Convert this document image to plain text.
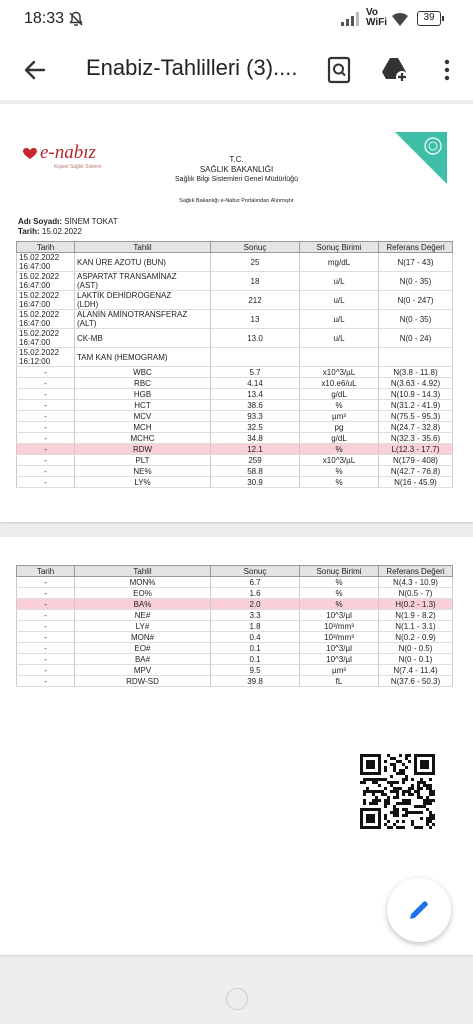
18:33	Vo
WiFi	39
Enabiz-Tahlilleri (3)....
e-nabız
Kişisel Sağlık Sistemi
T.C.
SAĞLIK BAKANLIĞI
Sağlık Bilgi Sistemleri Genel Müdürlüğü
Sağlık Bakanlığı e-Nabız Portalından Alınmıştır
Adı Soyadı: SİNEM TOKAT
Tarih: 15.02.2022
Tarih	Tahlil	Sonuç	Sonuç Birimi	Referans Değeri
15.02.2022
16:47:00	KAN ÜRE AZOTU (BUN)	25	mg/dL	N(17 - 43)
15.02.2022
16:47:00	ASPARTAT TRANSAMİNAZ
(AST)	18	u/L	N(0 - 35)
15.02.2022
16:47:00	LAKTİK DEHİDROGENAZ
(LDH)	212	u/L	N(0 - 247)
15.02.2022
16:47:00	ALANİN AMİNOTRANSFERAZ
(ALT)	13	u/L	N(0 - 35)
15.02.2022
16:47:00	CK-MB	13.0	u/L	N(0 - 24)
15.02.2022
16:12:00	TAM KAN (HEMOGRAM)			
-	WBC	5.7	x10^3/µL	N(3.8 - 11.8)
-	RBC	4.14	x10.e6/uL	N(3.63 - 4.92)
-	HGB	13.4	g/dL	N(10.9 - 14.3)
-	HCT	38.6	%	N(31.2 - 41.9)
-	MCV	93.3	µm³	N(75.5 - 95.3)
-	MCH	32.5	pg	N(24.7 - 32.8)
-	MCHC	34.8	g/dL	N(32.3 - 35.6)
-	RDW	12.1	%	L(12.3 - 17.7)
-	PLT	259	x10^3/µL	N(179 - 408)
-	NE%	58.8	%	N(42.7 - 76.8)
-	LY%	30.9	%	N(16 - 45.9)
Tarih	Tahlil	Sonuç	Sonuç Birimi	Referans Değeri
-	MON%	6.7	%	N(4.3 - 10.9)
-	EO%	1.6	%	N(0.5 - 7)
-	BA%	2.0	%	H(0.2 - 1.3)
-	NE#	3.3	10^3/µl	N(1.9 - 8.2)
-	LY#	1.8	10³/mm³	N(1.1 - 3.1)
-	MON#	0.4	10³/mm³	N(0.2 - 0.9)
-	EO#	0.1	10^3/µl	N(0 - 0.5)
-	BA#	0.1	10^3/µl	N(0 - 0.1)
-	MPV	9.5	µm³	N(7.4 - 11.4)
-	RDW-SD	39.8	fL	N(37.6 - 50.3)
